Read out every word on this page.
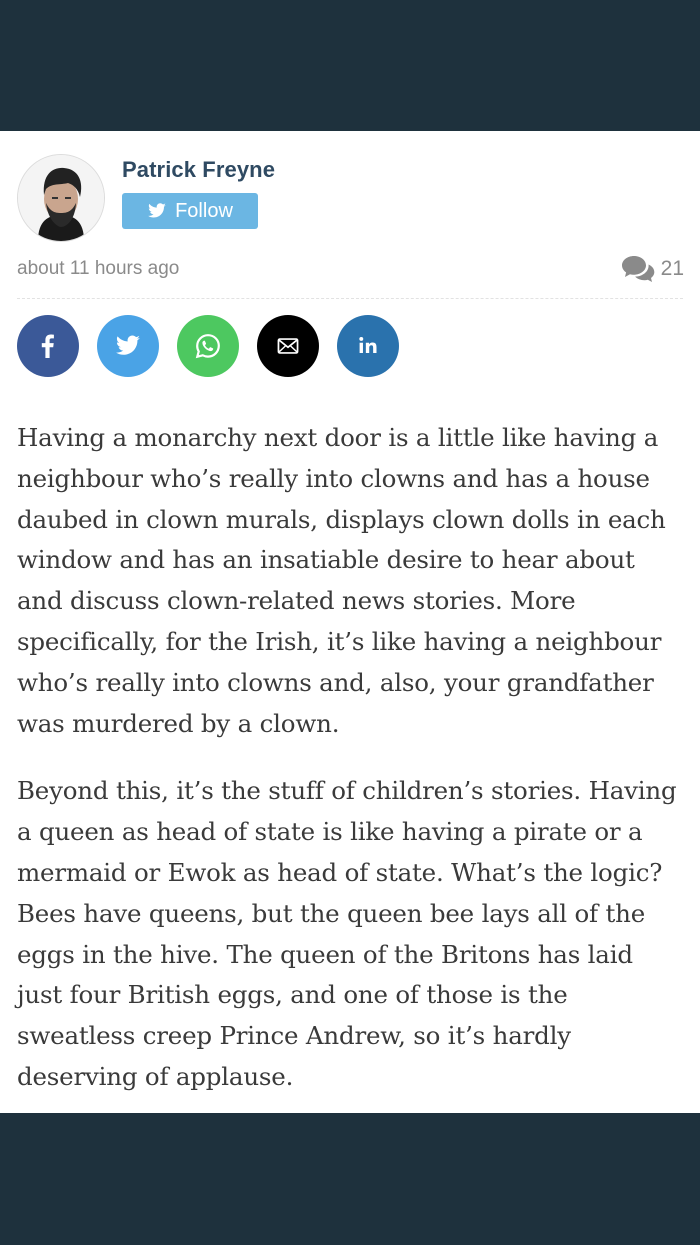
Patrick Freyne
Follow
about 11 hours ago	21

Having a monarchy next door is a little like having a neighbour who’s really into clowns and has a house daubed in clown murals, displays clown dolls in each window and has an insatiable desire to hear about and discuss clown-related news stories. More specifically, for the Irish, it’s like having a neighbour who’s really into clowns and, also, your grandfather was murdered by a clown.

Beyond this, it’s the stuff of children’s stories. Having a queen as head of state is like having a pirate or a mermaid or Ewok as head of state. What’s the logic? Bees have queens, but the queen bee lays all of the eggs in the hive. The queen of the Britons has laid just four British eggs, and one of those is the sweatless creep Prince Andrew, so it’s hardly deserving of applause.
